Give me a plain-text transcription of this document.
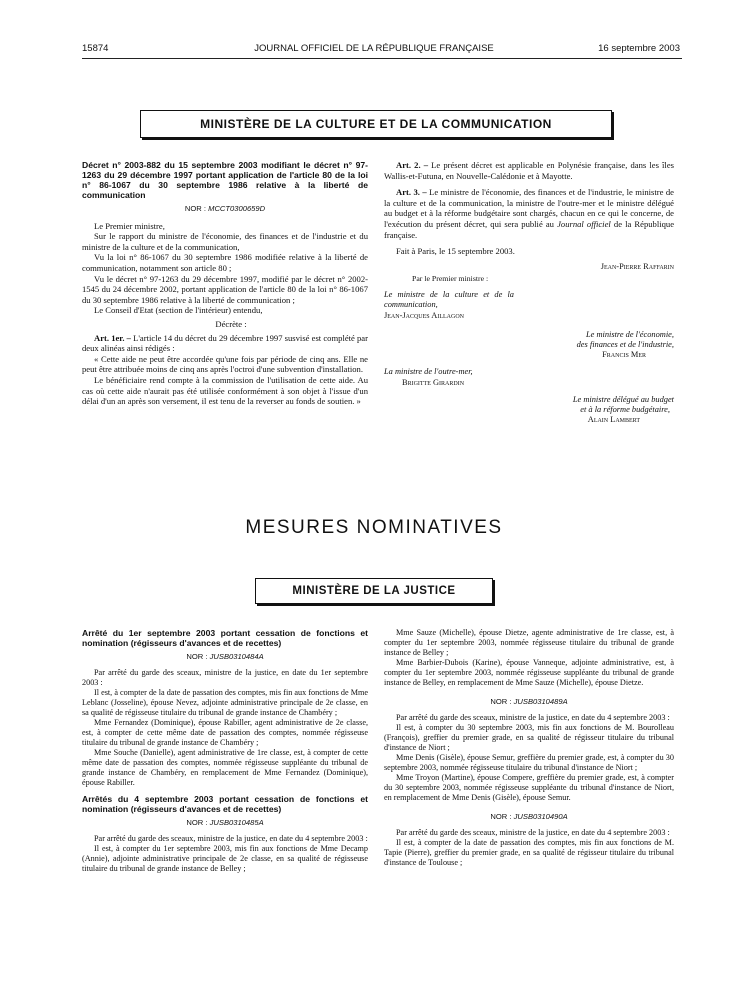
15874	JOURNAL OFFICIEL DE LA RÉPUBLIQUE FRANÇAISE	16 septembre 2003
MINISTÈRE DE LA CULTURE ET DE LA COMMUNICATION
Décret n° 2003-882 du 15 septembre 2003 modifiant le décret n° 97-1263 du 29 décembre 1997 portant application de l'article 80 de la loi n° 86-1067 du 30 septembre 1986 relative à la liberté de communication
NOR : MCCT0300659D

Le Premier ministre,

Sur le rapport du ministre de l'économie, des finances et de l'industrie et du ministre de la culture et de la communication,

Vu la loi n° 86-1067 du 30 septembre 1986 modifiée relative à la liberté de communication, notamment son article 80 ;

Vu le décret n° 97-1263 du 29 décembre 1997, modifié par le décret n° 2002-1545 du 24 décembre 2002, portant application de l'article 80 de la loi n° 86-1067 du 30 septembre 1986 relative à la liberté de communication ;

Le Conseil d'Etat (section de l'intérieur) entendu,

Décrète :

Art. 1er. – L'article 14 du décret du 29 décembre 1997 susvisé est complété par deux alinéas ainsi rédigés :

« Cette aide ne peut être accordée qu'une fois par période de cinq ans. Elle ne peut être attribuée moins de cinq ans après l'octroi d'une subvention d'installation.

Le bénéficiaire rend compte à la commission de l'utilisation de cette aide. Au cas où cette aide n'aurait pas été utilisée conformément à son objet à l'issue d'un délai d'un an après son versement, il est tenu de la reverser au fonds de soutien. »

Art. 2. – Le présent décret est applicable en Polynésie française, dans les îles Wallis-et-Futuna, en Nouvelle-Calédonie et à Mayotte.

Art. 3. – Le ministre de l'économie, des finances et de l'industrie, le ministre de la culture et de la communication, la ministre de l'outre-mer et le ministre délégué au budget et à la réforme budgétaire sont chargés, chacun en ce qui le concerne, de l'exécution du présent décret, qui sera publié au Journal officiel de la République française.

Fait à Paris, le 15 septembre 2003.

Jean-Pierre Raffarin
Par le Premier ministre :
Le ministre de la culture et de la communication,
Jean-Jacques Aillagon
Le ministre de l'économie,
des finances et de l'industrie,
Francis Mer
La ministre de l'outre-mer,
Brigitte Girardin
Le ministre délégué au budget
et à la réforme budgétaire,
Alain Lambert
MESURES NOMINATIVES
MINISTÈRE DE LA JUSTICE
Arrêté du 1er septembre 2003 portant cessation de fonctions et nomination (régisseurs d'avances et de recettes)
NOR : JUSB0310484A

Par arrêté du garde des sceaux, ministre de la justice, en date du 1er septembre 2003 :

Il est, à compter de la date de passation des comptes, mis fin aux fonctions de Mme Leblanc (Josseline), épouse Nevez, adjointe administrative principale de 2e classe, en sa qualité de régisseuse titulaire du tribunal de grande instance de Chambéry ;

Mme Fernandez (Dominique), épouse Rabiller, agent administrative de 2e classe, est, à compter de cette même date de passation des comptes, nommée régisseuse titulaire du tribunal de grande instance de Chambéry ;

Mme Souche (Danielle), agent administrative de 1re classe, est, à compter de cette même date de passation des comptes, nommée régisseuse suppléante du tribunal de grande instance de Chambéry, en remplacement de Mme Fernandez (Dominique), épouse Rabiller.

Arrêtés du 4 septembre 2003 portant cessation de fonctions et nomination (régisseurs d'avances et de recettes)
NOR : JUSB0310485A

Par arrêté du garde des sceaux, ministre de la justice, en date du 4 septembre 2003 :

Il est, à compter du 1er septembre 2003, mis fin aux fonctions de Mme Decamp (Annie), adjointe administrative principale de 2e classe, en sa qualité de régisseuse titulaire du tribunal de grande instance de Belley ;

Mme Sauze (Michelle), épouse Dietze, agente administrative de 1re classe, est, à compter du 1er septembre 2003, nommée régisseuse titulaire du tribunal de grande instance de Belley ;

Mme Barbier-Dubois (Karine), épouse Vanneque, adjointe administrative, est, à compter du 1er septembre 2003, nommée régisseuse suppléante du tribunal de grande instance de Belley, en remplacement de Mme Sauze (Michelle), épouse Dietze.

NOR : JUSB0310489A

Par arrêté du garde des sceaux, ministre de la justice, en date du 4 septembre 2003 :

Il est, à compter du 30 septembre 2003, mis fin aux fonctions de M. Bourolleau (François), greffier du premier grade, en sa qualité de régisseur titulaire du tribunal d'instance de Niort ;

Mme Denis (Gisèle), épouse Semur, greffière du premier grade, est, à compter du 30 septembre 2003, nommée régisseuse titulaire du tribunal d'instance de Niort ;

Mme Troyon (Martine), épouse Compere, greffière du premier grade, est, à compter du 30 septembre 2003, nommée régisseuse suppléante du tribunal d'instance de Niort, en remplacement de Mme Denis (Gisèle), épouse Semur.

NOR : JUSB0310490A

Par arrêté du garde des sceaux, ministre de la justice, en date du 4 septembre 2003 :

Il est, à compter de la date de passation des comptes, mis fin aux fonctions de M. Tapie (Pierre), greffier du premier grade, en sa qualité de régisseur titulaire du tribunal d'instance de Toulouse ;
